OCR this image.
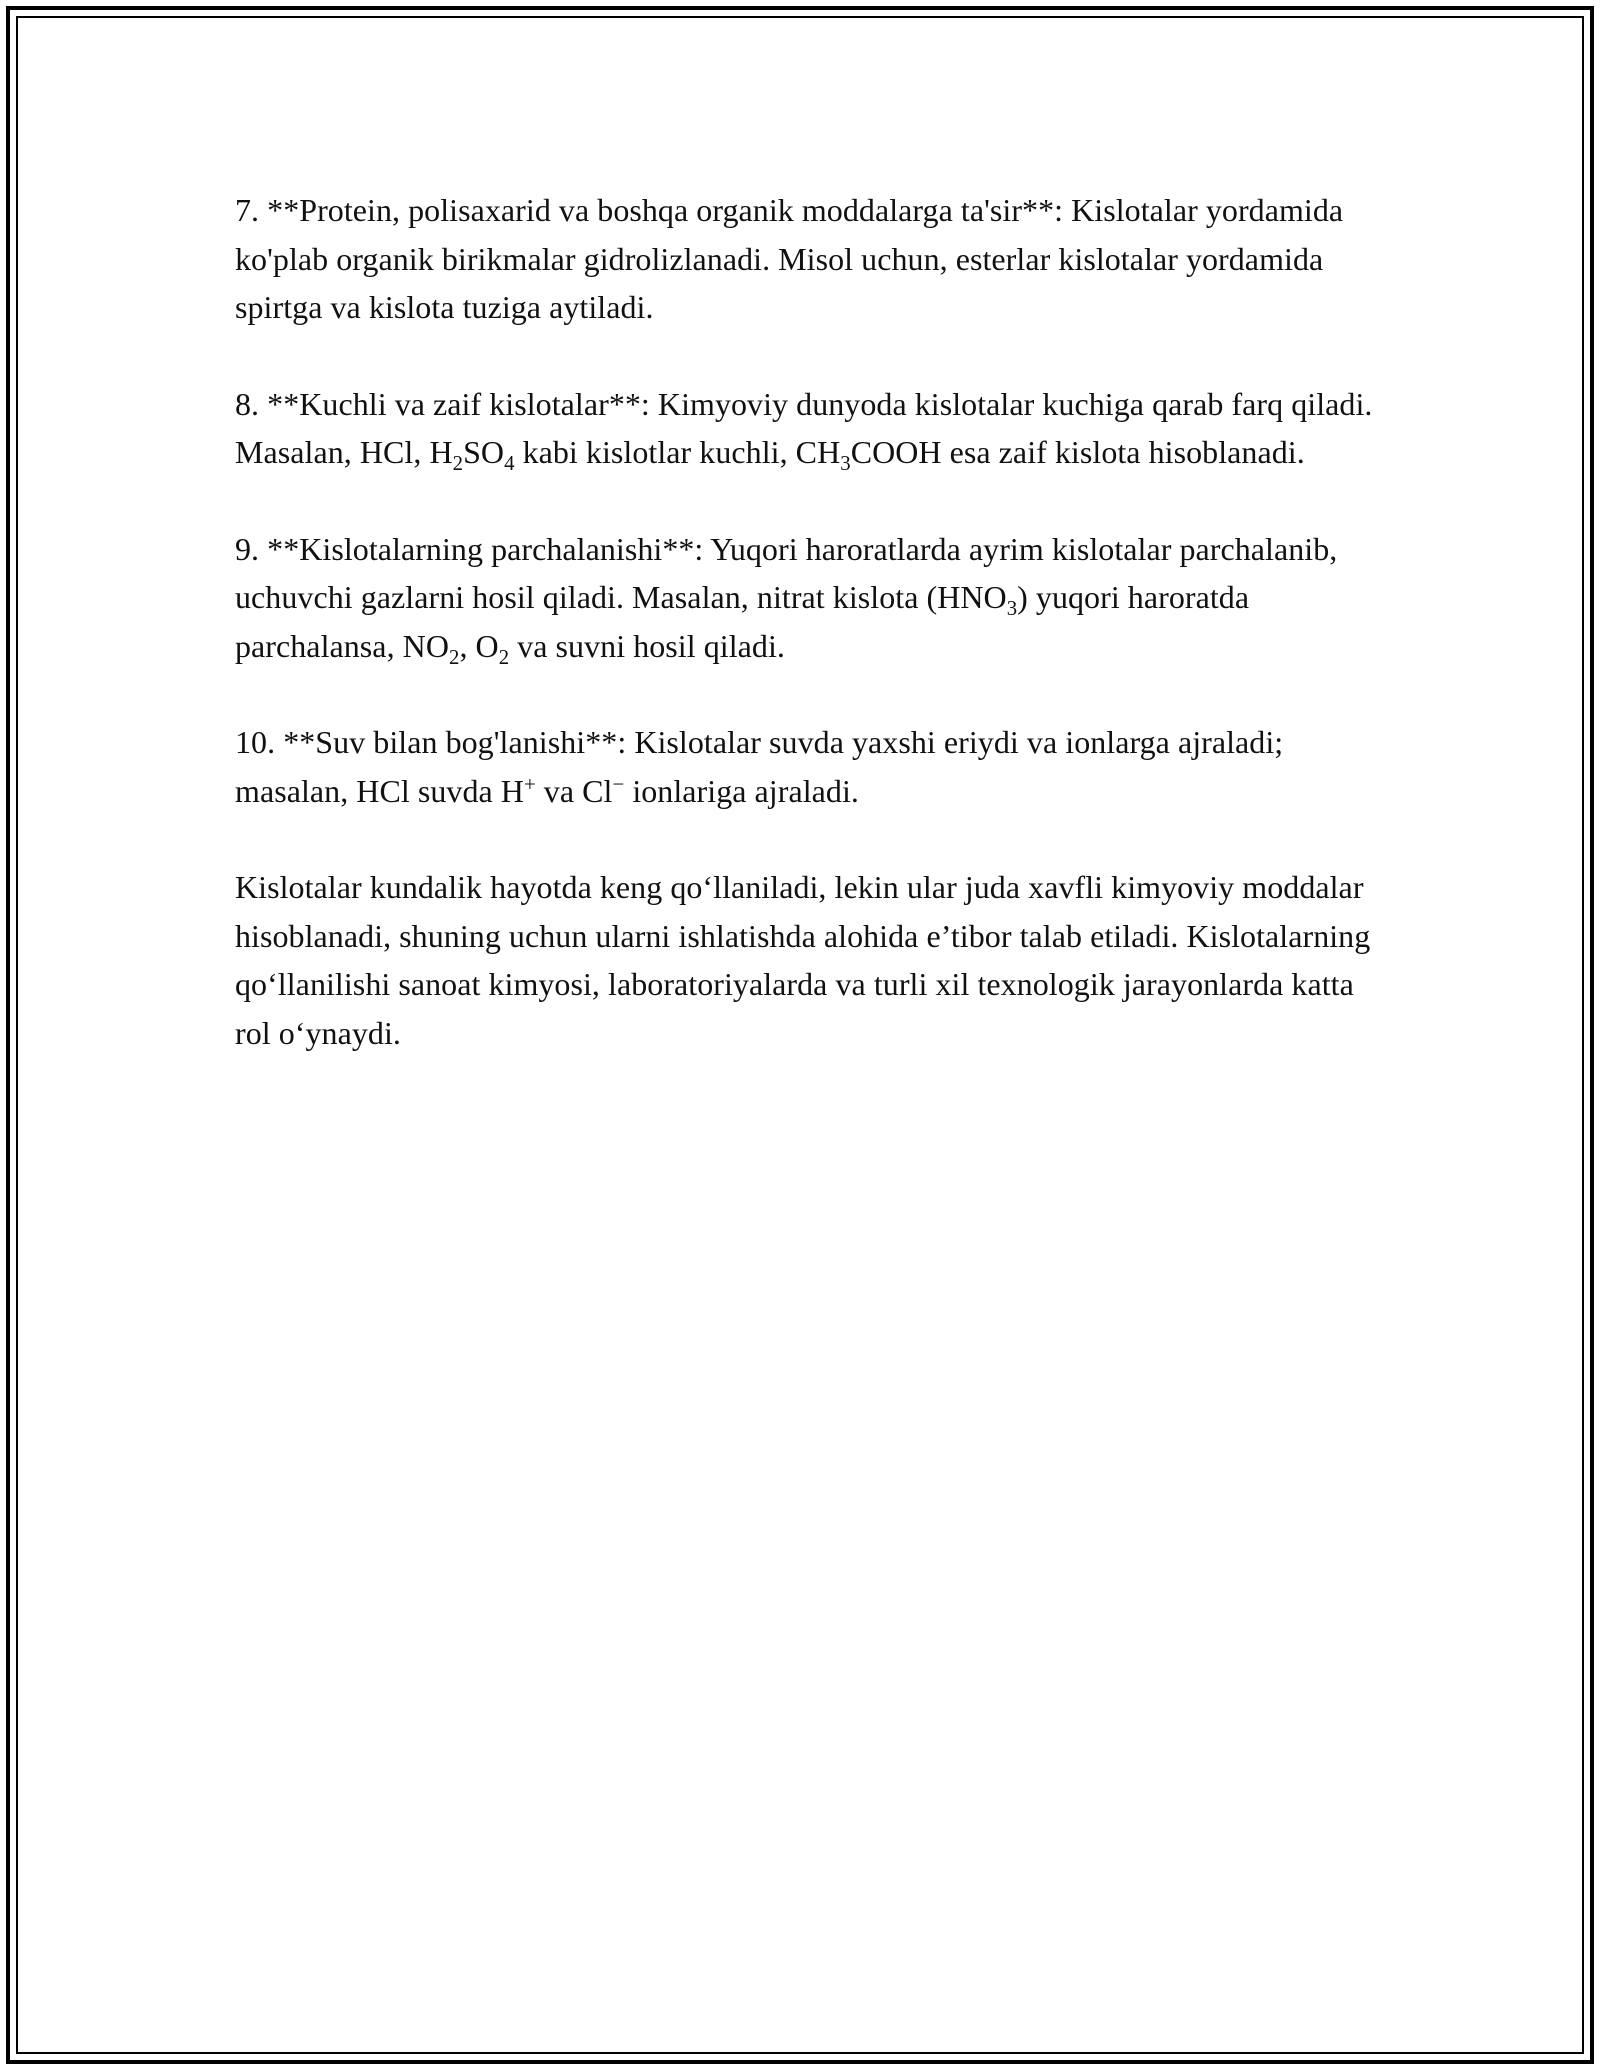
7. **Protein, polisaxarid va boshqa organik moddalarga ta'sir**: Kislotalar yordamida ko'plab organik birikmalar gidrolizlanadi. Misol uchun, esterlar kislotalar yordamida spirtga va kislota tuziga aytiladi.

8. **Kuchli va zaif kislotalar**: Kimyoviy dunyoda kislotalar kuchiga qarab farq qiladi. Masalan, HCl, $H_2SO_4$ kabi kislotlar kuchli, $CH_3COOH$ esa zaif kislota hisoblanadi.

9. **Kislotalarning parchalanishi**: Yuqori haroratlarda ayrim kislotalar parchalanib, uchuvchi gazlarni hosil qiladi. Masalan, nitrat kislota $(HNO_3)$ yuqori haroratda parchalansa, $NO_2$, $O_2$ va suvni hosil qiladi.

10. **Suv bilan bog'lanishi**: Kislotalar suvda yaxshi eriydi va ionlarga ajraladi; masalan, HCl suvda H+ va Cl− ionlariga ajraladi.

Kislotalar kundalik hayotda keng qo‘llaniladi, lekin ular juda xavfli kimyoviy moddalar hisoblanadi, shuning uchun ularni ishlatishda alohida e’tibor talab etiladi. Kislotalarning qo‘llanilishi sanoat kimyosi, laboratoriyalarda va turli xil texnologik jarayonlarda katta rol o‘ynaydi.
